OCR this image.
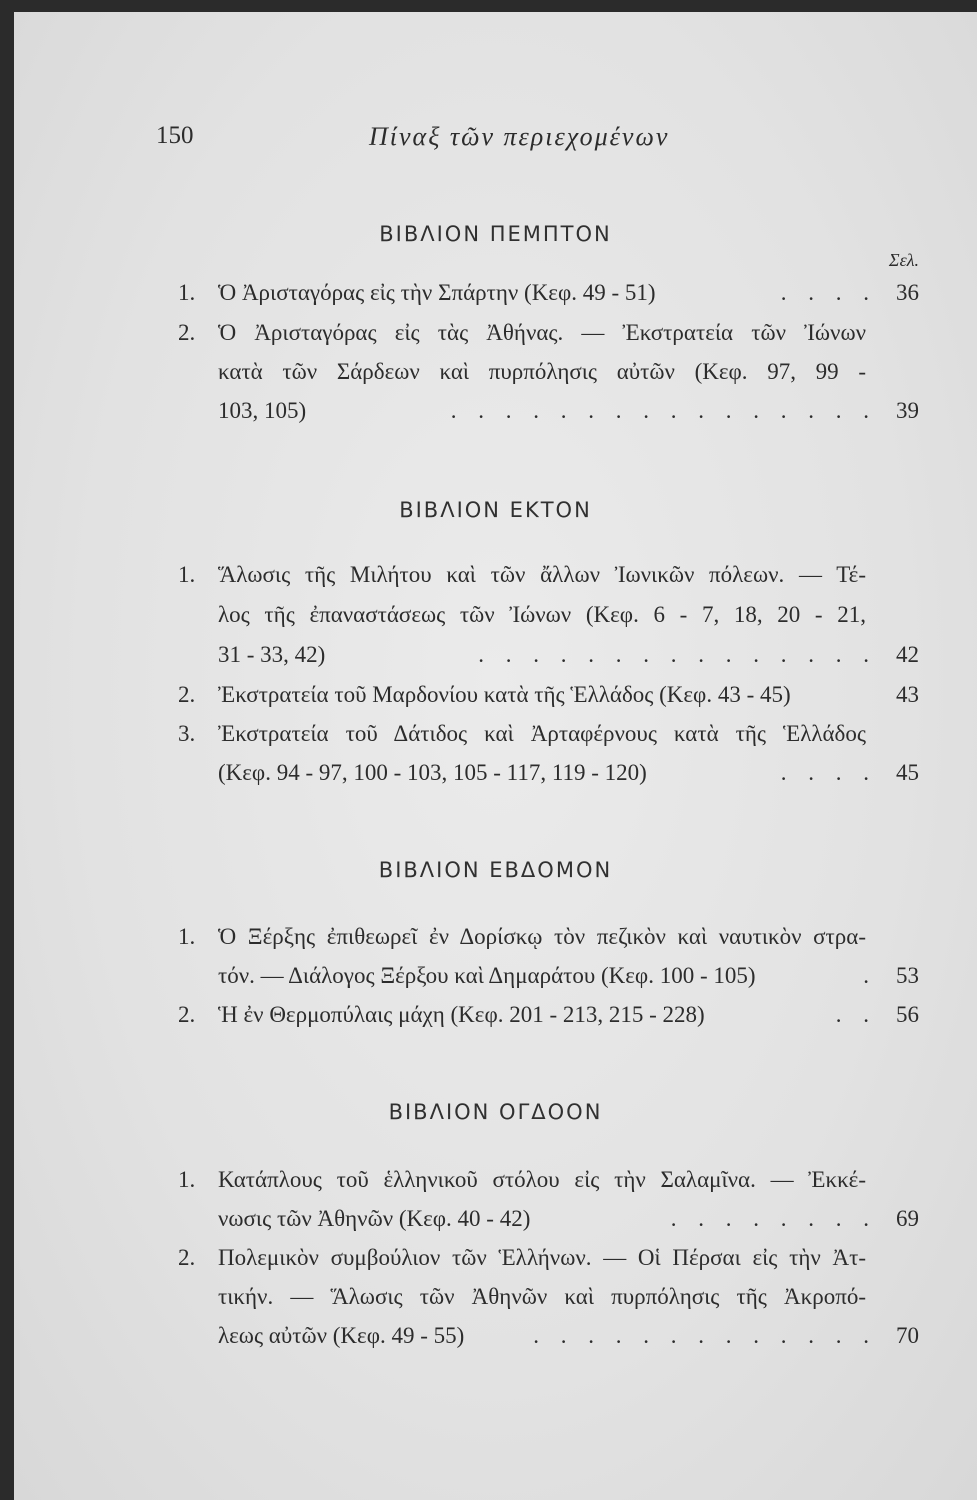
150	Πίναξ τῶν περιεχομένων
Σελ.
ΒΙΒΛΙΟΝ ΠΕΜΠΤΟΝ
1. Ὁ Ἀρισταγόρας εἰς τὴν Σπάρτην (Κεφ. 49 - 51)	. . . . 36
2. Ὁ Ἀρισταγόρας εἰς τὰς Ἀθήνας. — Ἐκστρατεία τῶν Ἰώνων
κατὰ τῶν Σάρδεων καὶ πυρπόλησις αὐτῶν (Κεφ. 97, 99 -
103, 105)	. . . . . . . . . . . . . . . . 39
ΒΙΒΛΙΟΝ ΕΚΤΟΝ
1. Ἅλωσις τῆς Μιλήτου καὶ τῶν ἄλλων Ἰωνικῶν πόλεων. — Τέ-
λος τῆς ἐπαναστάσεως τῶν Ἰώνων (Κεφ. 6 - 7, 18, 20 - 21,
31 - 33, 42)	. . . . . . . . . . . . . . . 42
2. Ἐκστρατεία τοῦ Μαρδονίου κατὰ τῆς Ἑλλάδος (Κεφ. 43 - 45)	43
3. Ἐκστρατεία τοῦ Δάτιδος καὶ Ἀρταφέρνους κατὰ τῆς Ἑλλάδος
(Κεφ. 94 - 97, 100 - 103, 105 - 117, 119 - 120)	. . . . 45
ΒΙΒΛΙΟΝ ΕΒΔΟΜΟΝ
1. Ὁ Ξέρξης ἐπιθεωρεῖ ἐν Δορίσκῳ τὸν πεζικὸν καὶ ναυτικὸν στρα-
τόν. — Διάλογος Ξέρξου καὶ Δημαράτου (Κεφ. 100 - 105)	. 53
2. Ἡ ἐν Θερμοπύλαις μάχη (Κεφ. 201 - 213, 215 - 228)	. . 56
ΒΙΒΛΙΟΝ ΟΓΔΟΟΝ
1. Κατάπλους τοῦ ἑλληνικοῦ στόλου εἰς τὴν Σαλαμῖνα. — Ἐκκέ-
νωσις τῶν Ἀθηνῶν (Κεφ. 40 - 42)	. . . . . . . . 69
2. Πολεμικὸν συμβούλιον τῶν Ἑλλήνων. — Οἱ Πέρσαι εἰς τὴν Ἀτ-
τικήν. — Ἅλωσις τῶν Ἀθηνῶν καὶ πυρπόλησις τῆς Ἀκροπό-
λεως αὐτῶν (Κεφ. 49 - 55)	. . . . . . . . . . . . . 70
